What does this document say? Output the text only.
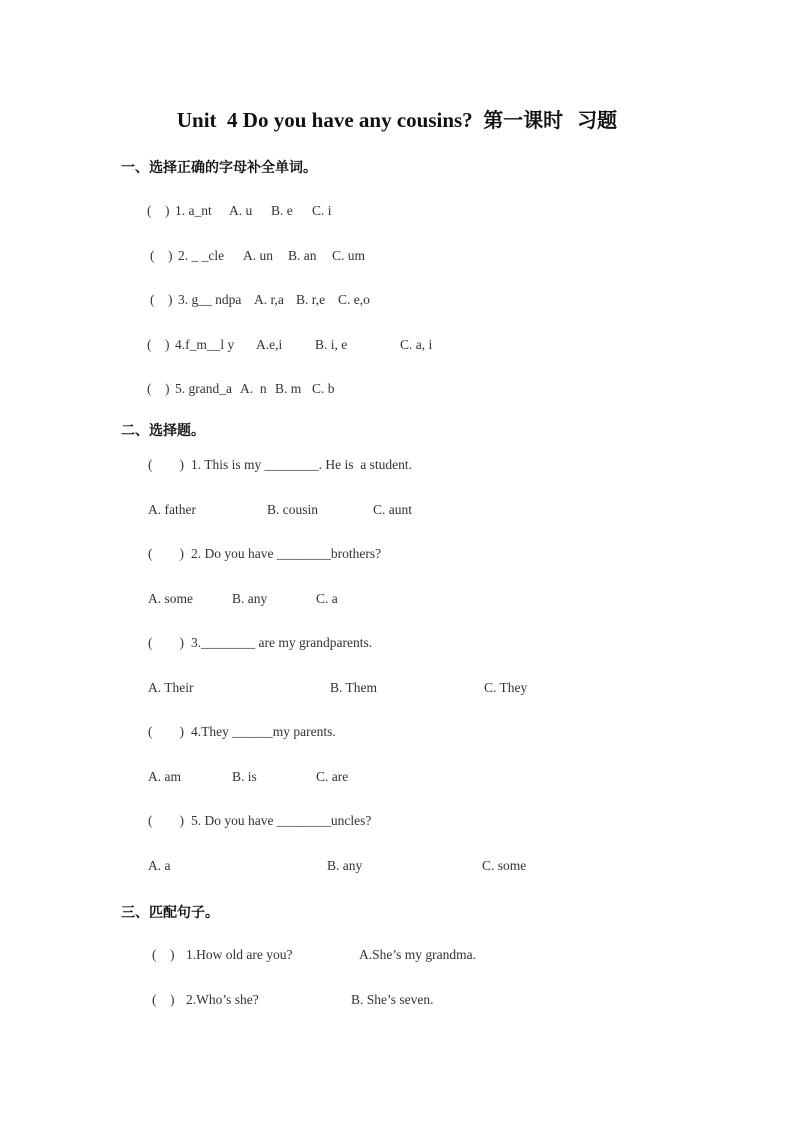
Unit  4 Do you have any cousins? 第一课时  习题
一、选择正确的字母补全单词。
(    ) 1. a_nt A. u B. e C. i
(    ) 2. _ _cle A. un B. an C. um
(    ) 3. g__ ndpa A. r,a B. r,e C. e,o
(    ) 4.f_m__l y A.e,i B. i, e	C. a, i
(    ) 5. grand_a A.  n B. m C. b
二、选择题。
(        ) 1. This is my ________. He is  a student.
A. father	B. cousin	C. aunt
(        ) 2. Do you have ________brothers?
A. some	B. any	C. a
(        ) 3.________ are my grandparents.
A. Their	B. Them	C. They
(        ) 4.They ______my parents.
A. am	B. is	C. are
(        ) 5. Do you have ________uncles?
A. a	B. any	C. some
三、匹配句子。
(    ) 1.How old are you?	A.She’s my grandma.
(    ) 2.Who’s she?	B. She’s seven.
